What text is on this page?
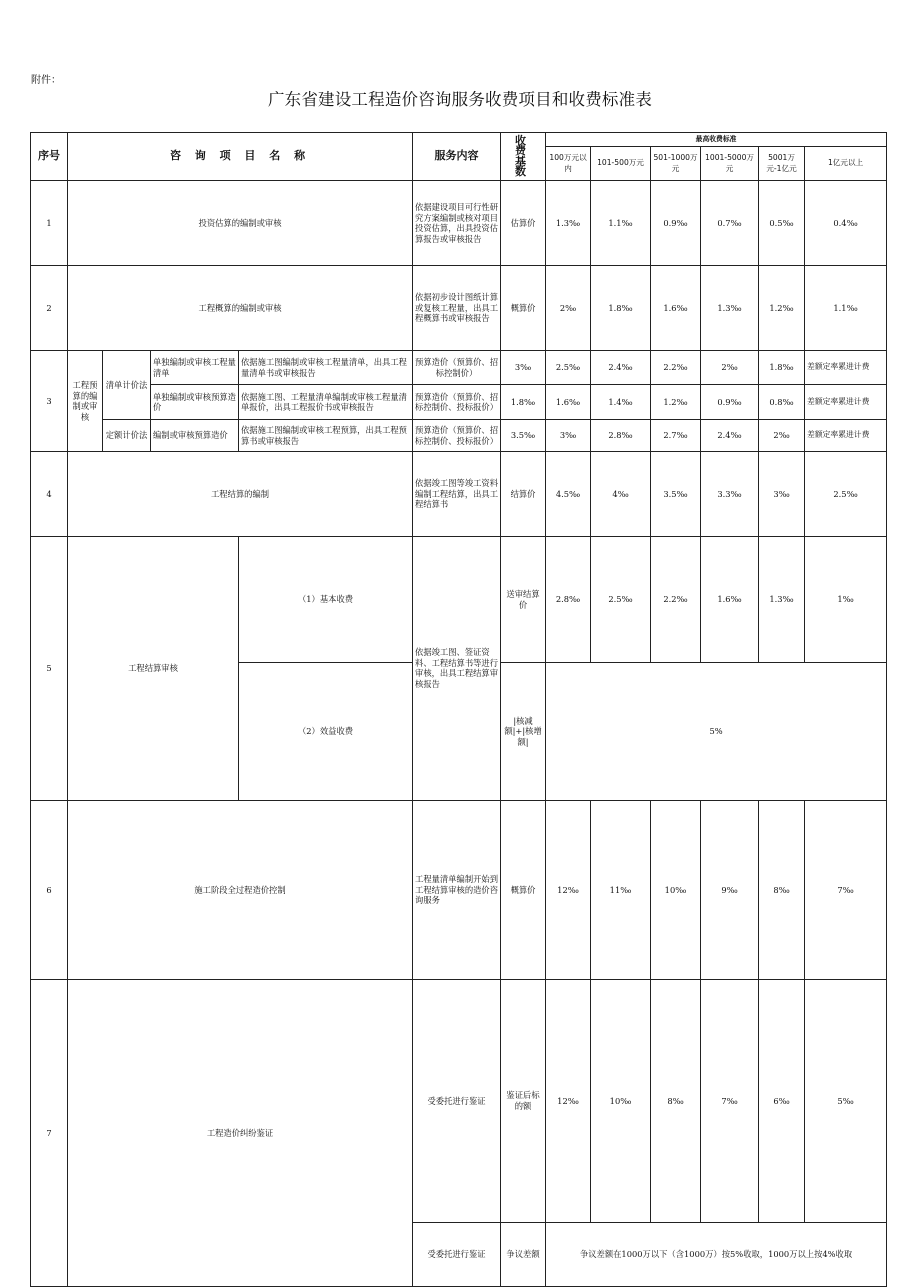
附件：
广东省建设工程造价咨询服务收费项目和收费标准表
序号	咨 询 项 目 名 称				服务内容	收 费 基 数	最高收费标准	
							100万元以内	101-500万元	501-1000万元	1001-5000万元	5001万元-1亿元	1亿元以上	
1	投资估算的编制或审核				依据建设项目可行性研究方案编制或核对项目投资估算，出具投资估算报告或审核报告	估算价	1.3‰	1.1‰	0.9‰	0.7‰	0.5‰	0.4‰	
2	工程概算的编制或审核				依据初步设计图纸计算或复核工程量，出具工程概算书或审核报告	概算价	2‰	1.8‰	1.6‰	1.3‰	1.2‰	1.1‰	
3	工程预算的编制或审核	清单计价法	单独编制或审核工程量清单	依据施工图编制或审核工程量清单，出具工程量清单书或审核报告	预算造价（预算价、招标控制价）	3‰	2.5‰	2.4‰	2.2‰	2‰	1.8‰	差额定率累进计费	
			单独编制或审核预算造价	依据施工图、工程量清单编制或审核工程量清单报价，出具工程报价书或审核报告	预算造价（预算价、招标控制价、投标报价）	1.8‰	1.6‰	1.4‰	1.2‰	0.9‰	0.8‰	差额定率累进计费	
		定额计价法	编制或审核预算造价	依据施工图编制或审核工程预算，出具工程预算书或审核报告	预算造价（预算价、招标控制价、投标报价）	3.5‰	3‰	2.8‰	2.7‰	2.4‰	2‰	差额定率累进计费	
4	工程结算的编制				依据竣工图等竣工资料编制工程结算，出具工程结算书	结算价	4.5‰	4‰	3.5‰	3.3‰	3‰	2.5‰	
5	工程结算审核			（1）基本收费	依据竣工图、签证资料、工程结算书等进行审核，出具工程结算审核报告	送审结算价	2.8‰	2.5‰	2.2‰	1.6‰	1.3‰	1‰	
				（2）效益收费		|核减额|+|核增额|	5%						
6	施工阶段全过程造价控制				工程量清单编制开始到工程结算审核的造价咨询服务	概算价	12‰	11‰	10‰	9‰	8‰	7‰	
7	工程造价纠纷鉴证				受委托进行鉴证	鉴证后标的额	12‰	10‰	8‰	7‰	6‰	5‰	
					受委托进行鉴证	争议差额	争议差额在1000万以下（含1000万）按5%收取，1000万以上按4%收取	
